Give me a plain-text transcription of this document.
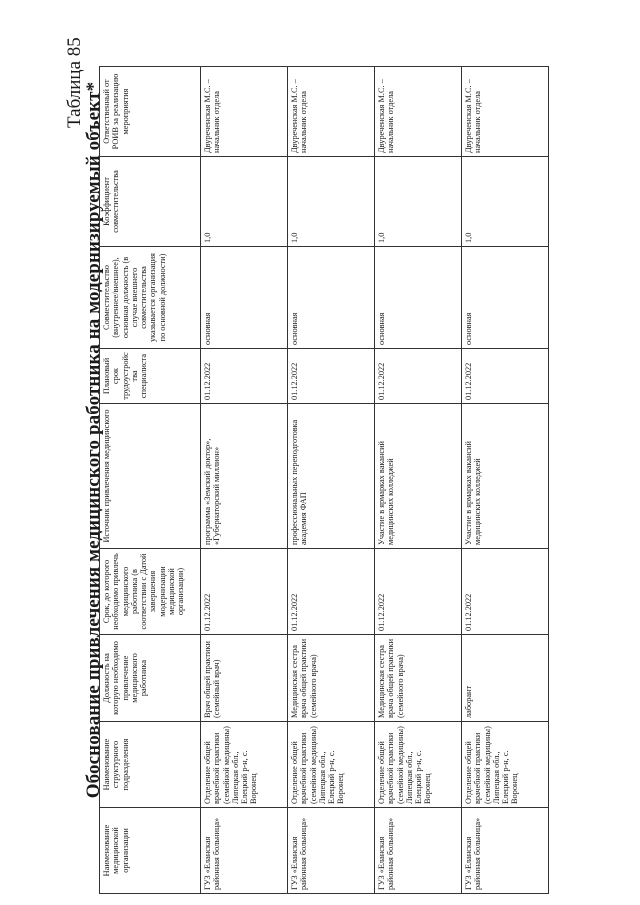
Таблица 85
Обоснование привлечения медицинского работника на модернизируемый объект*
Наименование медицинской организации	Наименование структурного подразделения	Должность на которую необходимо привлечение медицинского работника	Срок, до которого необходимо привлечь медицинского работника (в соответствии с Датой завершения модернизации медицинской организации)	Источник привлечения медицинского	Плановый срок трудоустройства специалиста	Совместительство (внутреннее/внешнее), основная должность (в случае внешнего совместительства указывается организация по основной должности)	Коэффициент совместительства	Ответственный от РОИВ за реализацию мероприятия
ГУЗ «Еланская районная больница»	Отделение общей врачебной практики (семейной медицины) Липецкая обл., Елецкий р-н, с. Воронец	Врач общей практики (семейный врач)	01.12.2022	программа «Земский доктор», «Губернаторский миллион»	01.12.2022	основная	1,0	Двуреченская М.С. – начальник отдела
ГУЗ «Еланская районная больница»	Отделение общей врачебной практики (семейной медицины) Липецкая обл., Елецкий р-н, с. Воронец	Медицинская сестра врача общей практики (семейного врача)	01.12.2022	профессиональных переподготовка академия ФАП	01.12.2022	основная	1,0	Двуреченская М.С. – начальник отдела
ГУЗ «Еланская районная больница»	Отделение общей врачебной практики (семейной медицины) Липецкая обл., Елецкий р-н, с. Воронец	Медицинская сестра врача общей практики (семейного врача)	01.12.2022	Участие в ярмарках вакансий медицинских колледжей	01.12.2022	основная	1,0	Двуреченская М.С. – начальник отдела
ГУЗ «Еланская районная больница»	Отделение общей врачебной практики (семейной медицины) Липецкая обл., Елецкий р-н, с. Воронец	лаборант	01.12.2022	Участие в ярмарках вакансий медицинских колледжей	01.12.2022	основная	1,0	Двуреченская М.С. – начальник отдела
